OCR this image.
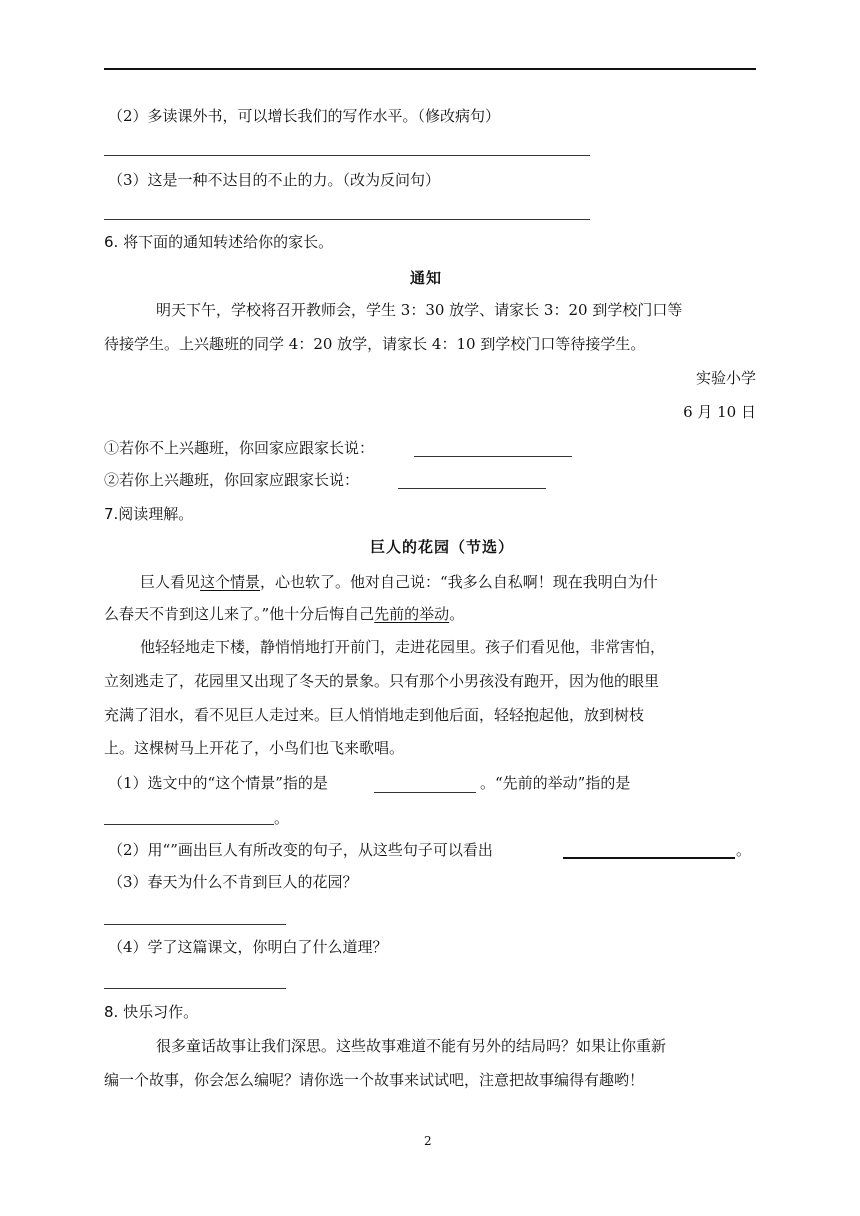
（2）多读课外书，可以增长我们的写作水平。（修改病句）
（3）这是一种不达目的不止的力。（改为反问句）
6. 将下面的通知转述给你的家长。
通知
明天下午，学校将召开教师会，学生 3：30 放学、请家长 3：20 到学校门口等
待接学生。上兴趣班的同学 4：20 放学，请家长 4：10 到学校门口等待接学生。
实验小学
6 月 10 日
①若你不上兴趣班，你回家应跟家长说：
②若你上兴趣班，你回家应跟家长说：
7.阅读理解。
巨人的花园（节选）
巨人看见这个情景，心也软了。他对自己说：“我多么自私啊！现在我明白为什
么春天不肯到这儿来了。”他十分后悔自己先前的举动。
他轻轻地走下楼，静悄悄地打开前门，走进花园里。孩子们看见他，非常害怕，
立刻逃走了，花园里又出现了冬天的景象。只有那个小男孩没有跑开，因为他的眼里
充满了泪水，看不见巨人走过来。巨人悄悄地走到他后面，轻轻抱起他，放到树枝
上。这棵树马上开花了，小鸟们也飞来歌唱。
（1）选文中的“这个情景”指的是	。“先前的举动”指的是
。
（2）用“”画出巨人有所改变的句子，从这些句子可以看出	。
（3）春天为什么不肯到巨人的花园？
（4）学了这篇课文，你明白了什么道理？
8. 快乐习作。
很多童话故事让我们深思。这些故事难道不能有另外的结局吗？如果让你重新
编一个故事，你会怎么编呢？请你选一个故事来试试吧，注意把故事编得有趣哟！
2
